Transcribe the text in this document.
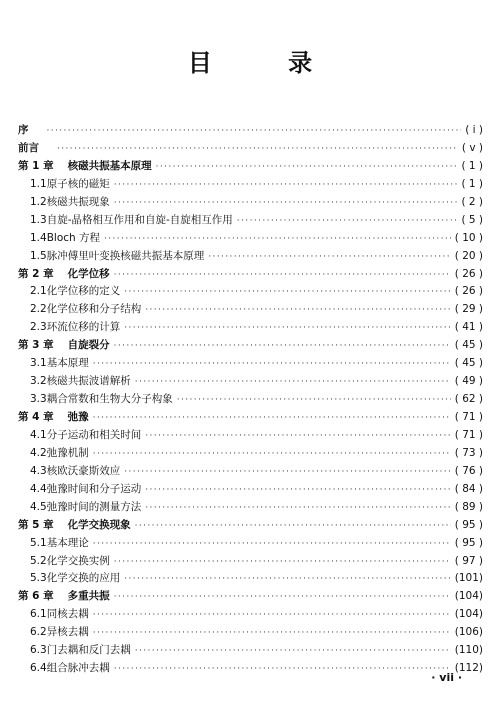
目 录
序 ·····	( i )
前言 ·····	( v )
第 1 章 核磁共振基本原理 ·····	( 1 )
1.1 原子核的磁矩 ·····	( 1 )
1.2 核磁共振现象 ·····	( 2 )
1.3 自旋-晶格相互作用和自旋-自旋相互作用 ·····	( 5 )
1.4 Bloch 方程 ·····	( 10 )
1.5 脉冲傅里叶变换核磁共振基本原理 ·····	( 20 )
第 2 章 化学位移 ·····	( 26 )
2.1 化学位移的定义 ·····	( 26 )
2.2 化学位移和分子结构 ·····	( 29 )
2.3 环流位移的计算 ·····	( 41 )
第 3 章 自旋裂分 ·····	( 45 )
3.1 基本原理 ·····	( 45 )
3.2 核磁共振波谱解析 ·····	( 49 )
3.3 耦合常数和生物大分子构象 ·····	( 62 )
第 4 章 弛豫 ·····	( 71 )
4.1 分子运动和相关时间 ·····	( 71 )
4.2 弛豫机制 ·····	( 73 )
4.3 核欧沃豪斯效应 ·····	( 76 )
4.4 弛豫时间和分子运动 ·····	( 84 )
4.5 弛豫时间的测量方法 ·····	( 89 )
第 5 章 化学交换现象 ·····	( 95 )
5.1 基本理论 ·····	( 95 )
5.2 化学交换实例 ·····	( 97 )
5.3 化学交换的应用 ·····	(101)
第 6 章 多重共振 ·····	(104)
6.1 同核去耦 ·····	(104)
6.2 异核去耦 ·····	(106)
6.3 门去耦和反门去耦 ·····	(110)
6.4 组合脉冲去耦 ·····	(112)
· vii ·
